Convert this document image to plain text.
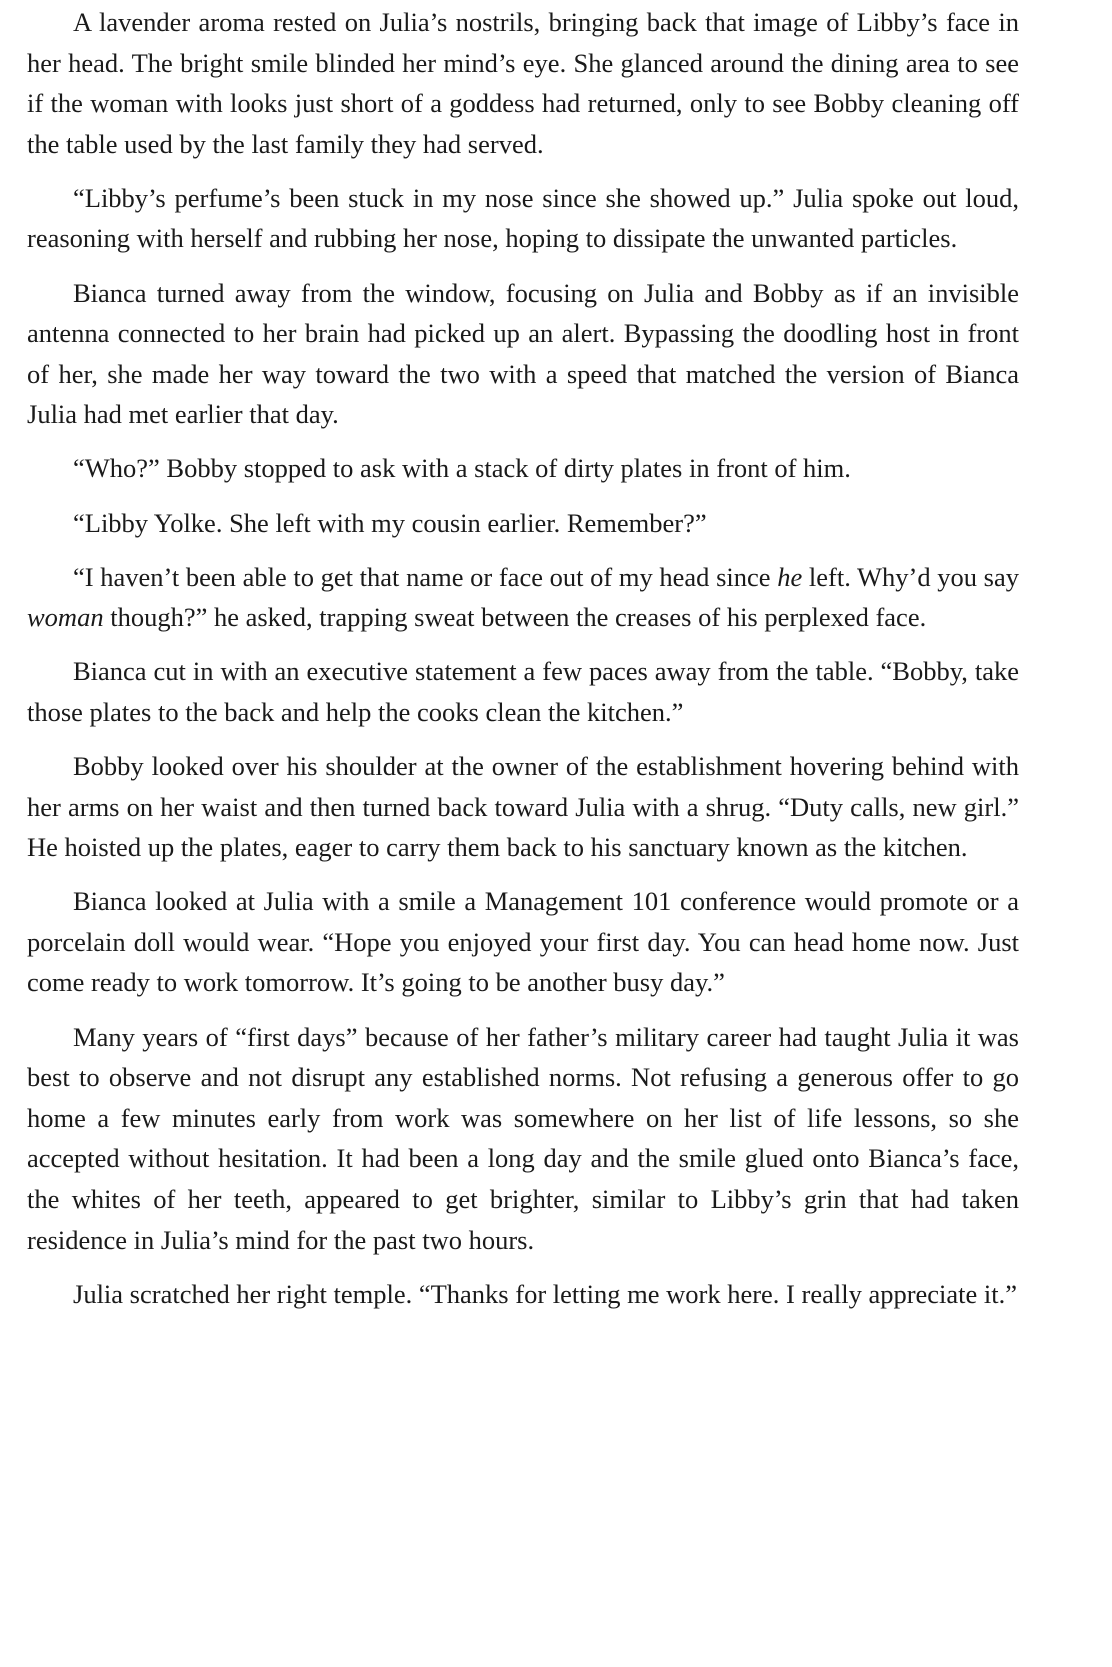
A lavender aroma rested on Julia’s nostrils, bringing back that image of Libby’s face in her head. The bright smile blinded her mind’s eye. She glanced around the dining area to see if the woman with looks just short of a goddess had returned, only to see Bobby cleaning off the table used by the last family they had served.

“Libby’s perfume’s been stuck in my nose since she showed up.” Julia spoke out loud, reasoning with herself and rubbing her nose, hoping to dissipate the unwanted particles.

Bianca turned away from the window, focusing on Julia and Bobby as if an invisible antenna connected to her brain had picked up an alert. Bypassing the doodling host in front of her, she made her way toward the two with a speed that matched the version of Bianca Julia had met earlier that day.

“Who?” Bobby stopped to ask with a stack of dirty plates in front of him.

“Libby Yolke. She left with my cousin earlier. Remember?”

“I haven’t been able to get that name or face out of my head since he left. Why’d you say woman though?” he asked, trapping sweat between the creases of his perplexed face.

Bianca cut in with an executive statement a few paces away from the table. “Bobby, take those plates to the back and help the cooks clean the kitchen.”

Bobby looked over his shoulder at the owner of the establishment hovering behind with her arms on her waist and then turned back toward Julia with a shrug. “Duty calls, new girl.” He hoisted up the plates, eager to carry them back to his sanctuary known as the kitchen.

Bianca looked at Julia with a smile a Management 101 conference would promote or a porcelain doll would wear. “Hope you enjoyed your first day. You can head home now. Just come ready to work tomorrow. It’s going to be another busy day.”

Many years of “first days” because of her father’s military career had taught Julia it was best to observe and not disrupt any established norms. Not refusing a generous offer to go home a few minutes early from work was somewhere on her list of life lessons, so she accepted without hesitation. It had been a long day and the smile glued onto Bianca’s face, the whites of her teeth, appeared to get brighter, similar to Libby’s grin that had taken residence in Julia’s mind for the past two hours.

Julia scratched her right temple. “Thanks for letting me work here. I really appreciate it.”
